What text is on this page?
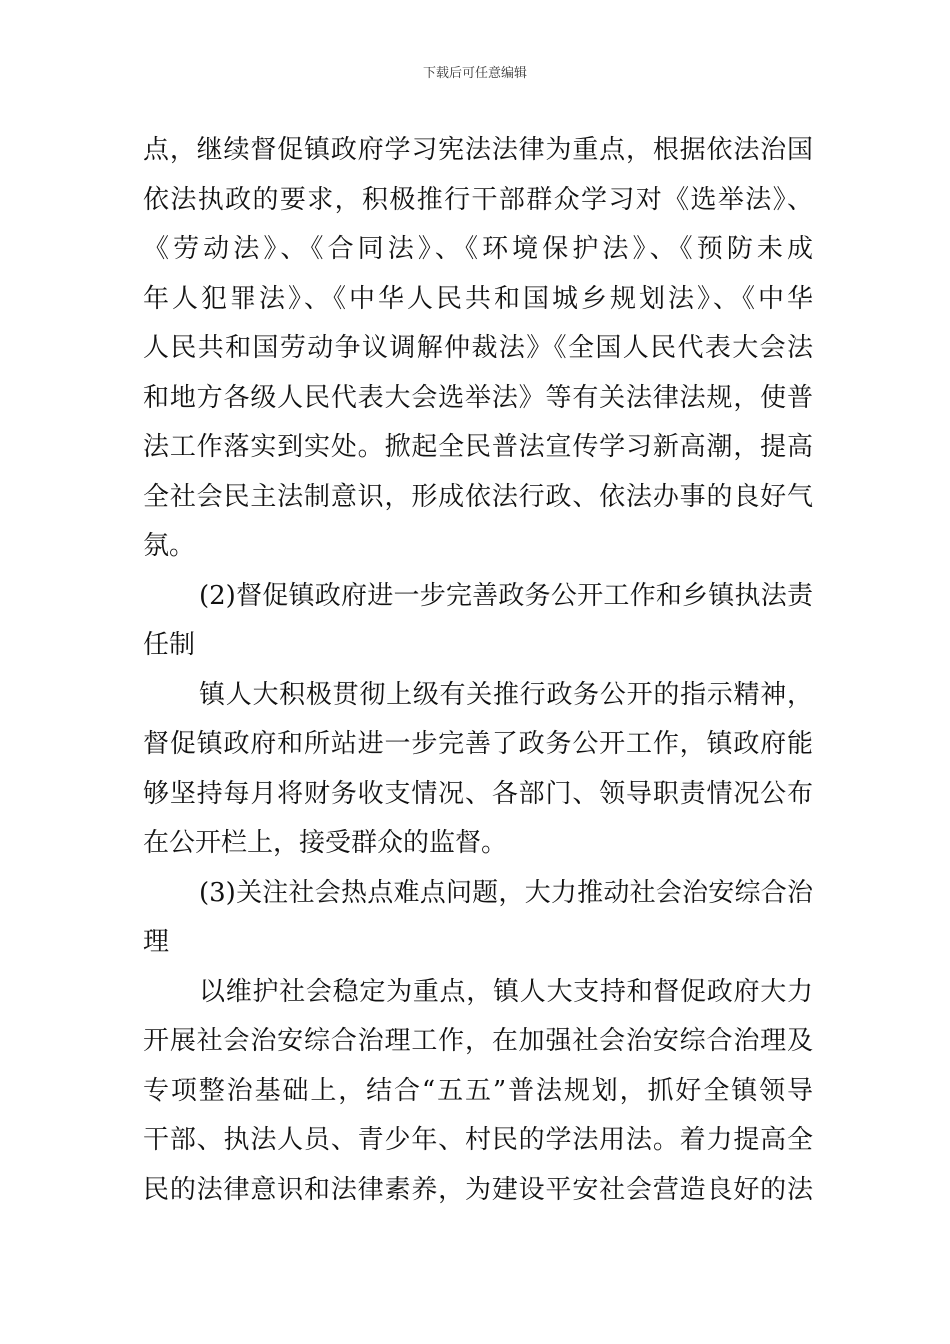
下载后可任意编辑
点，继续督促镇政府学习宪法法律为重点，根据依法治国
依法执政的要求，积极推行干部群众学习对《选举法》、
《劳动法》、《合同法》、《环境保护法》、《预防未成
年人犯罪法》、《中华人民共和国城乡规划法》、《中华
人民共和国劳动争议调解仲裁法》《全国人民代表大会法
和地方各级人民代表大会选举法》等有关法律法规，使普
法工作落实到实处。掀起全民普法宣传学习新高潮，提高
全社会民主法制意识，形成依法行政、依法办事的良好气
氛。
(2)督促镇政府进一步完善政务公开工作和乡镇执法责
任制
镇人大积极贯彻上级有关推行政务公开的指示精神，
督促镇政府和所站进一步完善了政务公开工作，镇政府能
够坚持每月将财务收支情况、各部门、领导职责情况公布
在公开栏上，接受群众的监督。
(3)关注社会热点难点问题，大力推动社会治安综合治
理
以维护社会稳定为重点，镇人大支持和督促政府大力
开展社会治安综合治理工作，在加强社会治安综合治理及
专项整治基础上，结合“五五”普法规划，抓好全镇领导
干部、执法人员、青少年、村民的学法用法。着力提高全
民的法律意识和法律素养，为建设平安社会营造良好的法
